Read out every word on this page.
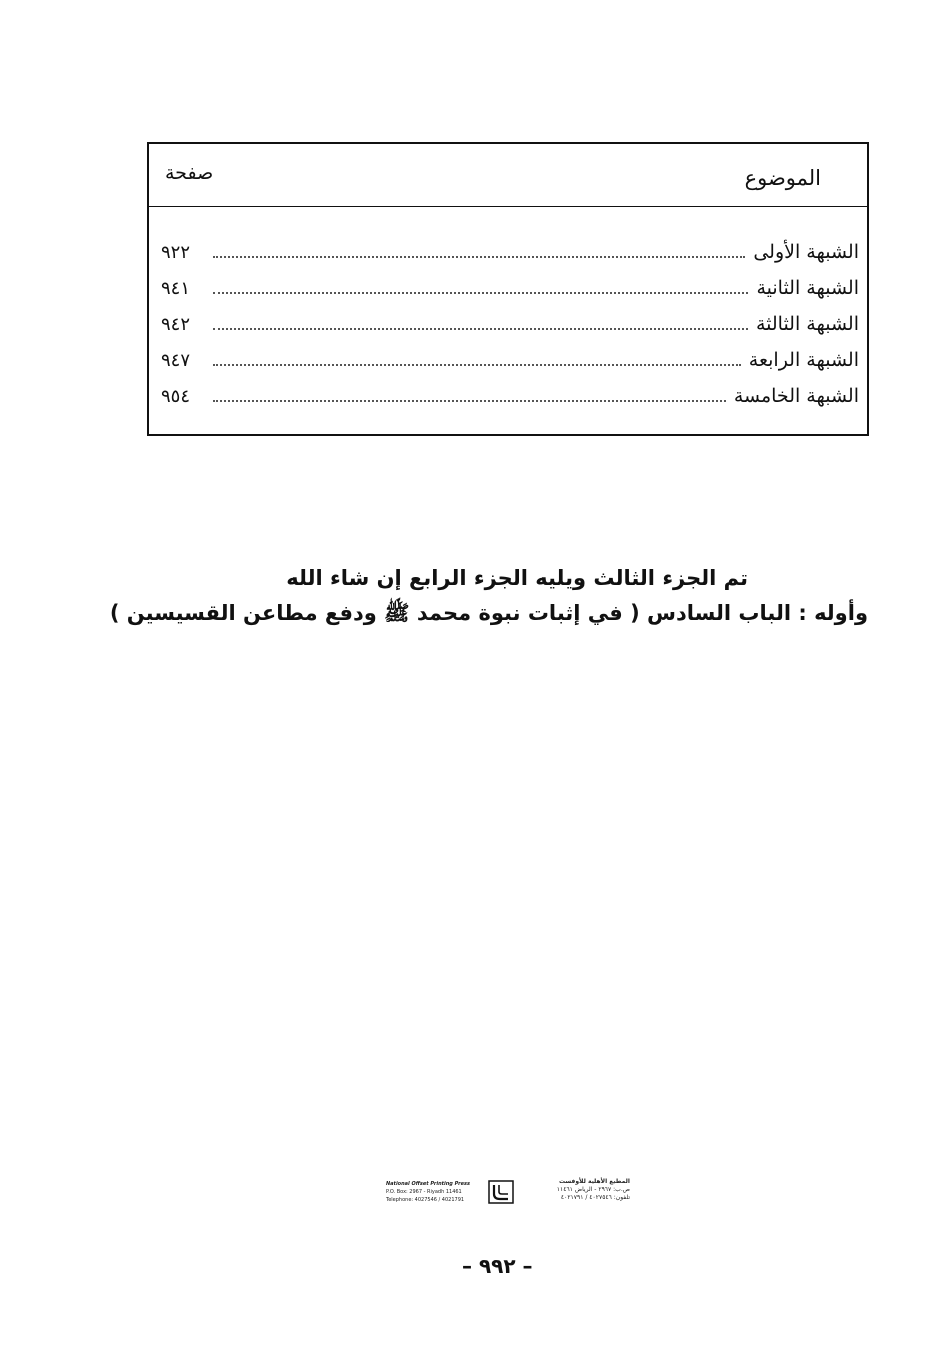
الموضوع
صفحة
الشبهة الأولى
٩٢٢
الشبهة الثانية
٩٤١
الشبهة الثالثة
٩٤٢
الشبهة الرابعة
٩٤٧
الشبهة الخامسة
٩٥٤
تم الجزء الثالث ويليه الجزء الرابع إن شاء الله
وأوله : الباب السادس ( في إثبات نبوة محمد ﷺ ودفع مطاعن القسيسين )
National Offset Printing Press
P.O. Box: 2967 - Riyadh 11461
Telephone: 4027546 / 4021791
المطبع الأهلية للأوفست
ص.ب: ٢٩٦٧ - الرياض ١١٤٦١
تلفون: ٤٠٢٧٥٤٦ / ٤٠٢١٧٩١
– ٩٩٢ –
